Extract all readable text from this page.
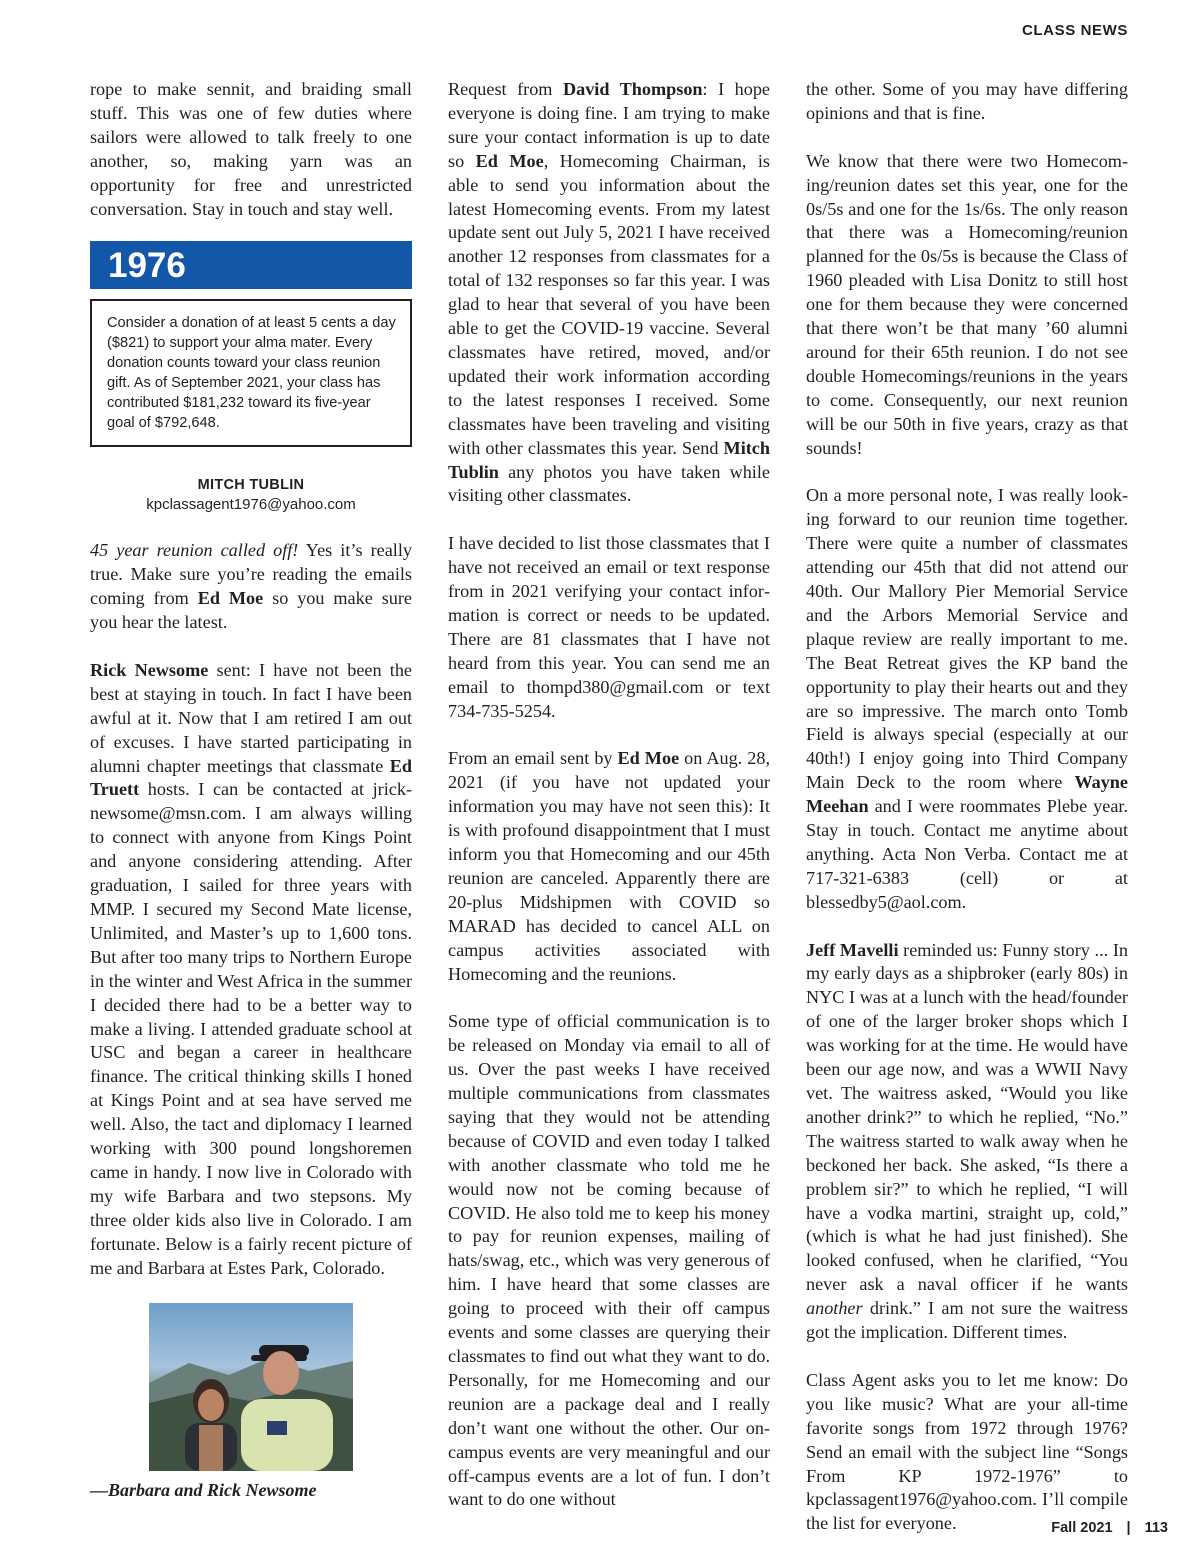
CLASS NEWS

rope to make sennit, and braiding small stuff. This was one of few duties where sailors were allowed to talk freely to one another, so, making yarn was an opportunity for free and unrestricted conversation. Stay in touch and stay well.

1976
Consider a donation of at least 5 cents a day ($821) to support your alma mater. Every donation counts toward your class reunion gift. As of September 2021, your class has contributed $181,232 toward its five-year goal of $792,648.
MITCH TUBLIN
kpclassagent1976@yahoo.com

45 year reunion called off! Yes it’s really true. Make sure you’re reading the emails coming from Ed Moe so you make sure you hear the latest.

Rick Newsome sent: I have not been the best at staying in touch. In fact I have been awful at it. Now that I am retired I am out of excuses. I have started participating in alumni chapter meetings that classmate Ed Truett hosts. I can be contacted at jricknewsome@msn.com. I am always willing to connect with anyone from Kings Point and anyone considering attending. After graduation, I sailed for three years with MMP. I secured my Second Mate license, Unlimited, and Master’s up to 1,600 tons. But after too many trips to Northern Europe in the winter and West Africa in the summer I decided there had to be a better way to make a living. I attended graduate school at USC and began a career in healthcare finance. The critical thinking skills I honed at Kings Point and at sea have served me well. Also, the tact and diplomacy I learned working with 300 pound longshoremen came in handy. I now live in Colorado with my wife Barbara and two stepsons. My three older kids also live in Colorado. I am fortunate. Below is a fairly recent picture of me and Barbara at Estes Park, Colorado.

—Barbara and Rick Newsome

Request from David Thompson: I hope everyone is doing fine. I am trying to make sure your contact information is up to date so Ed Moe, Homecoming Chairman, is able to send you information about the latest Homecoming events. From my latest update sent out July 5, 2021 I have received another 12 responses from classmates for a total of 132 responses so far this year. I was glad to hear that several of you have been able to get the COVID-19 vaccine. Several classmates have retired, moved, and/or updated their work information according to the latest responses I received. Some classmates have been traveling and visiting with other classmates this year. Send Mitch Tublin any photos you have taken while visiting other classmates.

I have decided to list those classmates that I have not received an email or text response from in 2021 verifying your contact information is correct or needs to be updated. There are 81 classmates that I have not heard from this year. You can send me an email to thompd380@gmail.com or text 734-735-5254.

From an email sent by Ed Moe on Aug. 28, 2021 (if you have not updated your information you may have not seen this): It is with profound disappointment that I must inform you that Homecoming and our 45th reunion are canceled. Apparently there are 20-plus Midshipmen with COVID so MARAD has decided to cancel ALL on campus activities associated with Homecoming and the reunions.

Some type of official communication is to be released on Monday via email to all of us. Over the past weeks I have received multiple communications from classmates saying that they would not be attending because of COVID and even today I talked with another classmate who told me he would now not be coming because of COVID. He also told me to keep his money to pay for reunion expenses, mailing of hats/swag, etc., which was very generous of him. I have heard that some classes are going to proceed with their off campus events and some classes are querying their classmates to find out what they want to do. Personally, for me Homecoming and our reunion are a package deal and I really don’t want one without the other. Our on-campus events are very meaningful and our off-campus events are a lot of fun. I don’t want to do one without

the other. Some of you may have differing opinions and that is fine.

We know that there were two Homecoming/reunion dates set this year, one for the 0s/5s and one for the 1s/6s. The only reason that there was a Homecoming/reunion planned for the 0s/5s is because the Class of 1960 pleaded with Lisa Donitz to still host one for them because they were concerned that there won’t be that many ’60 alumni around for their 65th reunion. I do not see double Homecomings/reunions in the years to come. Consequently, our next reunion will be our 50th in five years, crazy as that sounds!

On a more personal note, I was really looking forward to our reunion time together. There were quite a number of classmates attending our 45th that did not attend our 40th. Our Mallory Pier Memorial Service and the Arbors Memorial Service and plaque review are really important to me. The Beat Retreat gives the KP band the opportunity to play their hearts out and they are so impressive. The march onto Tomb Field is always special (especially at our 40th!) I enjoy going into Third Company Main Deck to the room where Wayne Meehan and I were roommates Plebe year. Stay in touch. Contact me anytime about anything. Acta Non Verba. Contact me at 717-321-6383 (cell) or at blessedby5@aol.com.

Jeff Mavelli reminded us: Funny story ... In my early days as a shipbroker (early 80s) in NYC I was at a lunch with the head/founder of one of the larger broker shops which I was working for at the time. He would have been our age now, and was a WWII Navy vet. The waitress asked, “Would you like another drink?” to which he replied, “No.” The waitress started to walk away when he beckoned her back. She asked, “Is there a problem sir?” to which he replied, “I will have a vodka martini, straight up, cold,” (which is what he had just finished). She looked confused, when he clarified, “You never ask a naval officer if he wants another drink.” I am not sure the waitress got the implication. Different times.

Class Agent asks you to let me know: Do you like music? What are your all-time favorite songs from 1972 through 1976? Send an email with the subject line “Songs From KP 1972-1976” to kpclassagent1976@yahoo.com. I’ll compile the list for everyone.	Fall 2021 | 113
